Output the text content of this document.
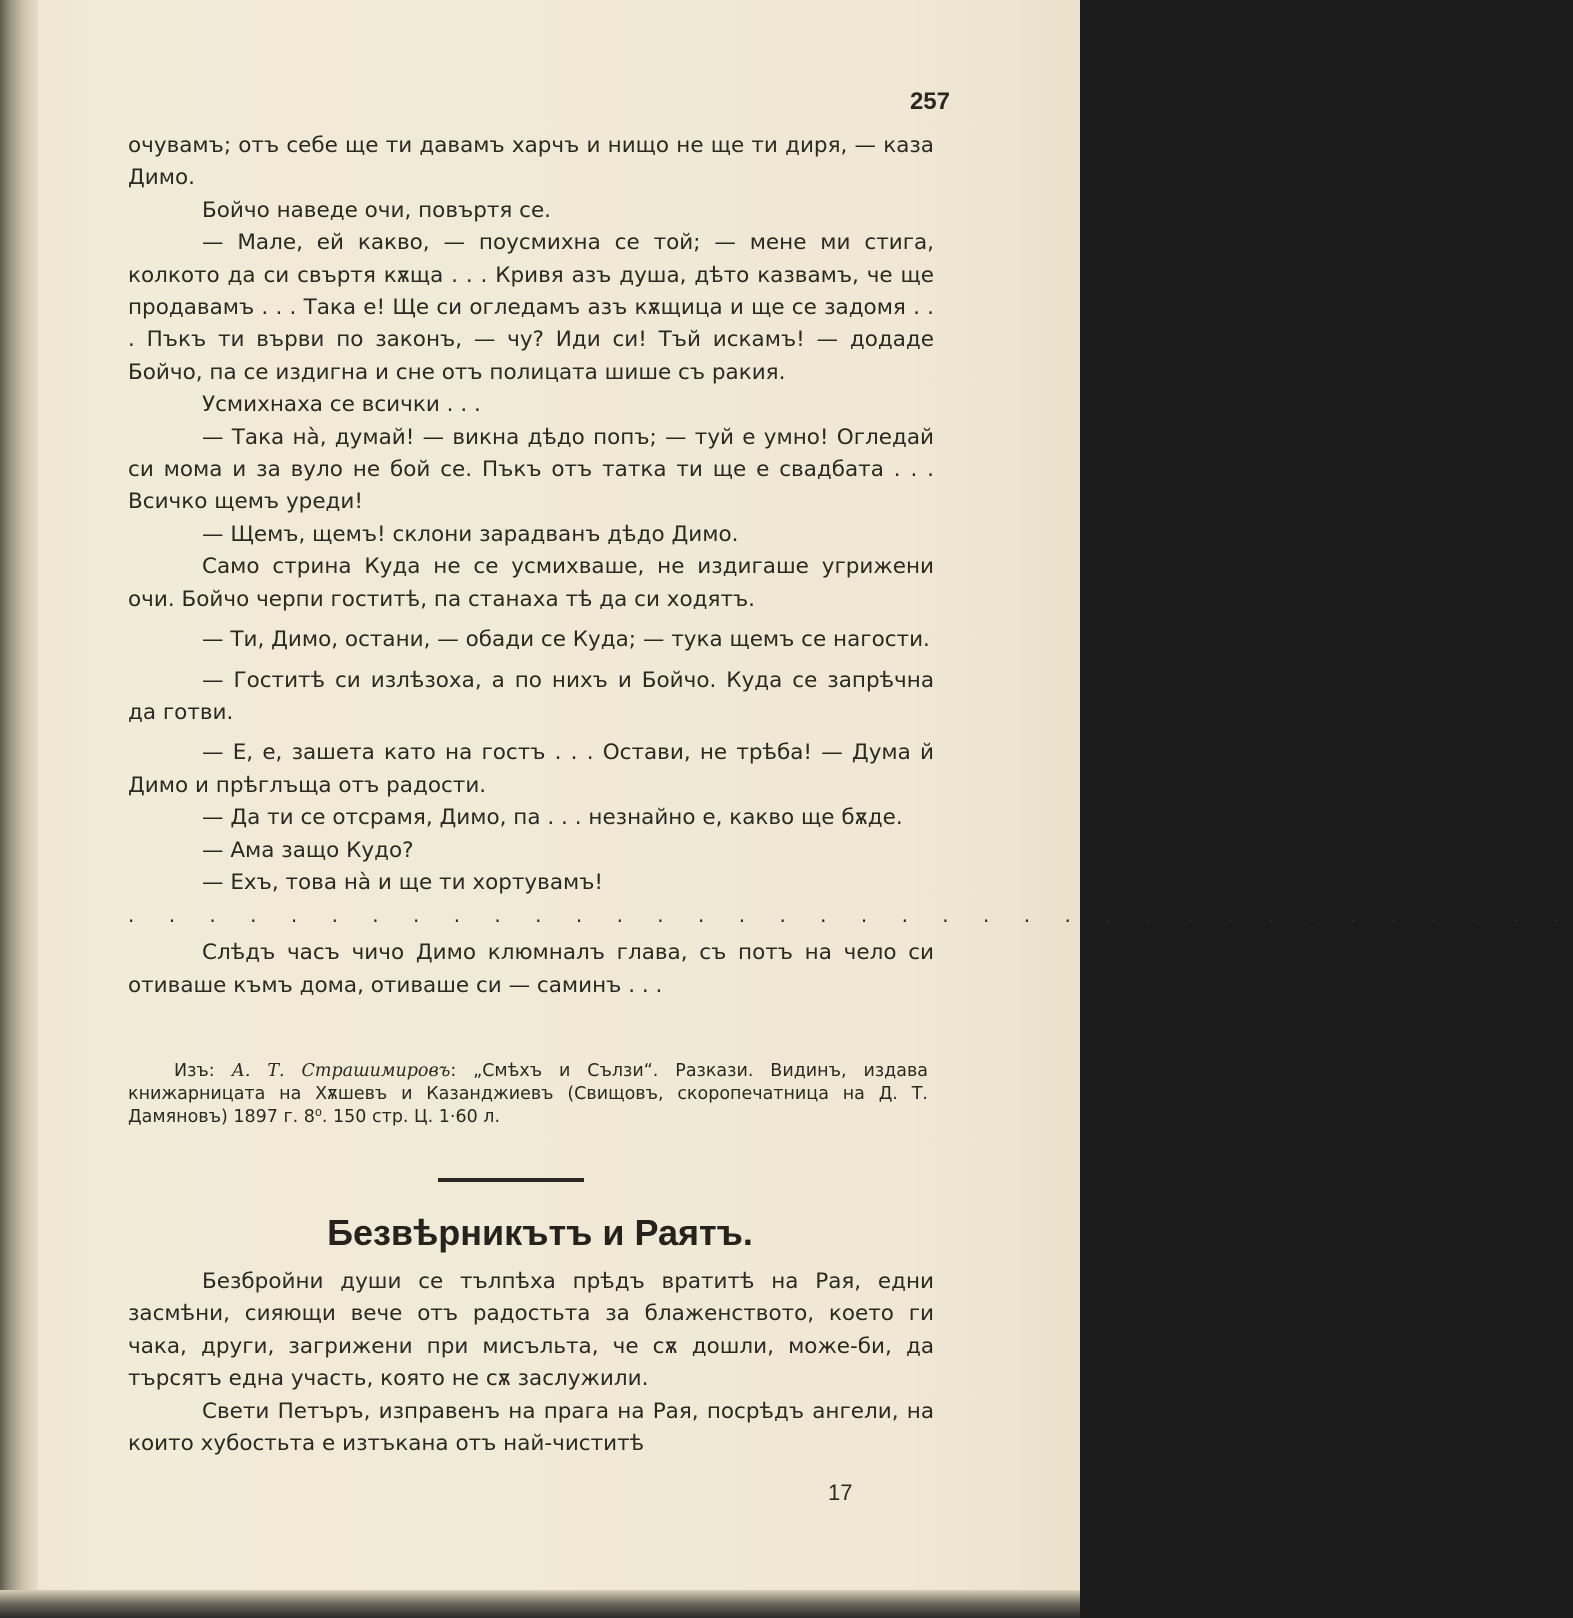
257

очувамъ; отъ себе ще ти давамъ харчъ и нищо не ще ти диря, — каза Димо.

Бойчо наведе очи, повъртя се.

— Мале, ей какво, — поусмихна се той; — мене ми стига, колкото да си свъртя кѫща . . . Кривя азъ душа, дѣто казвамъ, че ще продавамъ . . . Така е! Ще си огледамъ азъ кѫщица и ще се задомя . . . Пъкъ ти върви по законъ, — чу? Иди си! Тъй искамъ! — додаде Бойчо, па се издигна и сне отъ полицата шише съ ракия.

Усмихнаха се всички . . .

— Така нà, думай! — викна дѣдо попъ; — туй е умно! Огледай си мома и за вуло не бой се. Пъкъ отъ татка ти ще е свадбата . . . Всичко щемъ уреди!

— Щемъ, щемъ! склони зарадванъ дѣдо Димо.

Само стрина Куда не се усмихваше, не издигаше угрижени очи. Бойчо черпи гоститѣ, па станаха тѣ да си ходятъ.

— Ти, Димо, остани, — обади се Куда; — тука щемъ се нагости.

— Гоститѣ си излѣзоха, а по нихъ и Бойчо. Куда се запрѣчна да готви.

— Е, е, зашета като на гостъ . . . Остави, не трѣба! — Дума й Димо и прѣглъща отъ радости.

— Да ти се отсрамя, Димо, па . . . незнайно е, какво ще бѫде.

— Ама защо Кудо?

— Ехъ, това нà и ще ти хортувамъ!

. . . . . . . . . . . . . . . . . . . . . . . . . . . . . . . . . . . .

Слѣдъ часъ чичо Димо клюмналъ глава, съ потъ на чело си отиваше къмъ дома, отиваше си — саминъ . . .

Изъ: А. Т. Страшимировъ: „Смѣхъ и Сълзи“. Разкази. Видинъ, издава книжарницата на Хѫшевъ и Казанджиевъ (Свищовъ, скоропечатница на Д. Т. Дамяновъ) 1897 г. 8⁰. 150 стр. Ц. 1·60 л.
Безвѣрникътъ и Раятъ.

Безбройни души се тълпѣха прѣдъ вратитѣ на Рая, едни засмѣни, сияющи вече отъ радостьта за блаженството, което ги чака, други, загрижени при мисъльта, че сѫ дошли, може-би, да търсятъ една участь, която не сѫ заслужили.

Свети Петъръ, изправенъ на прага на Рая, посрѣдъ ангели, на които хубостьта е изтъкана отъ най-чиститѣ

17
